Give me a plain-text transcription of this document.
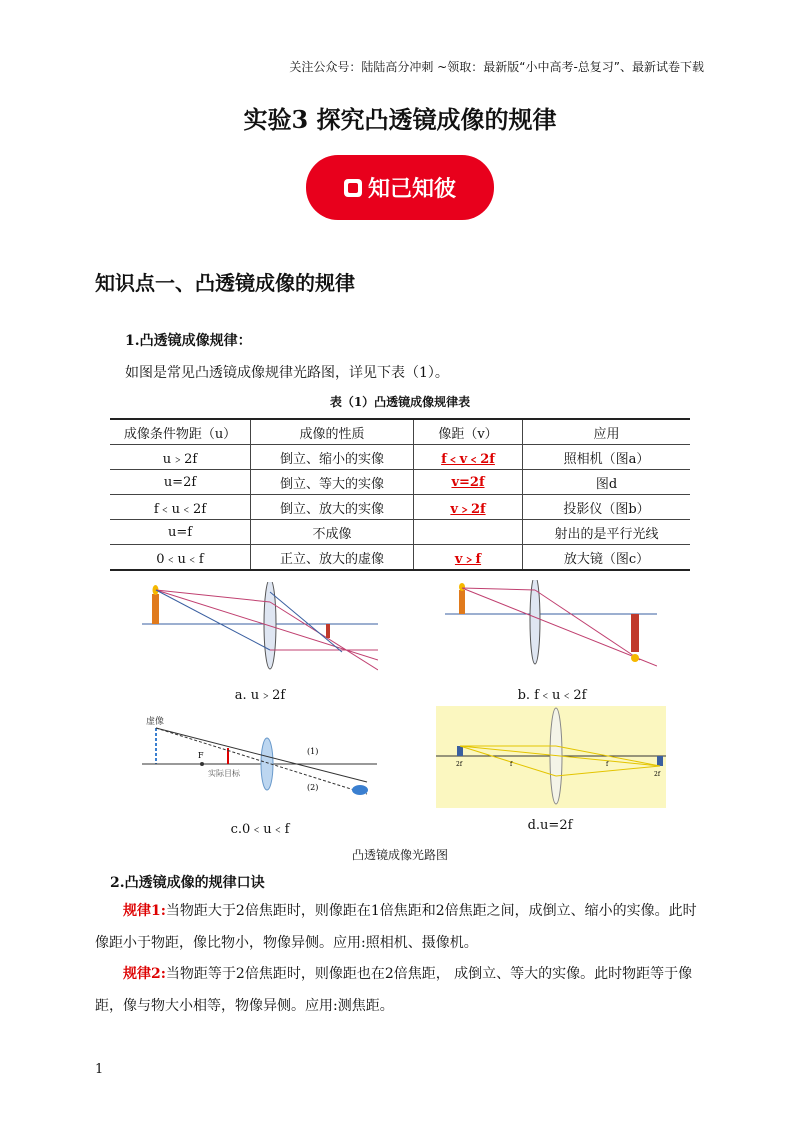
关注公众号：陆陆高分冲刺 ~领取：最新版“小中高考-总复习”、最新试卷下载
实验3 探究凸透镜成像的规律
知己知彼
知识点一、凸透镜成像的规律
1.凸透镜成像规律：
如图是常见凸透镜成像规律光路图，详见下表（1）。
表（1）凸透镜成像规律表
成像条件物距（u）	成像的性质	像距（v）	应用
u﹥2f	倒立、缩小的实像	f﹤v﹤2f	照相机（图a）
u=2f	倒立、等大的实像	v=2f	图d
f﹤u﹤2f	倒立、放大的实像	v﹥2f	投影仪（图b）
u=f	不成像		射出的是平行光线
0﹤u﹤f	正立、放大的虚像	v﹥f	放大镜（图c）
a. u﹥2f	b. f﹤u﹤2f
虚像
F
实际目标
(1)
(2)
c.0﹤u﹤f
2f	f	f
2f
d.u=2f
凸透镜成像光路图
2.凸透镜成像的规律口诀
规律1:当物距大于2倍焦距时，则像距在1倍焦距和2倍焦距之间，成倒立、缩小的实像。此时像距小于物距，像比物小，物像异侧。应用:照相机、摄像机。
规律2:当物距等于2倍焦距时，则像距也在2倍焦距， 成倒立、等大的实像。此时物距等于像距，像与物大小相等，物像异侧。应用:测焦距。
1
